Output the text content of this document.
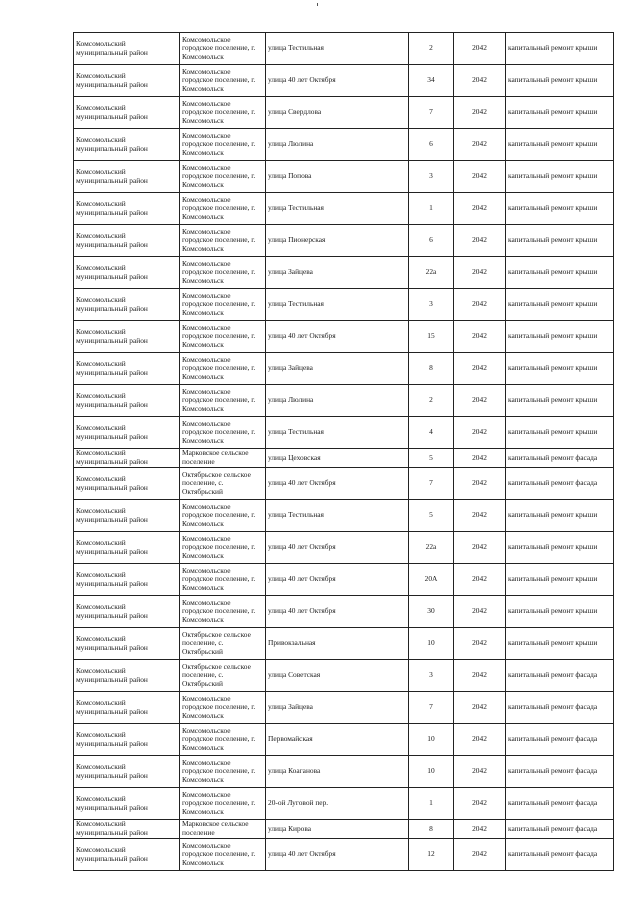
Комсомольский муниципальный район	Комсомольское городское поселение, г. Комсомольск	улица Тестильная	2	2042	капитальный ремонт крыши
Комсомольский муниципальный район	Комсомольское городское поселение, г. Комсомольск	улица 40 лет Октября	34	2042	капитальный ремонт крыши
Комсомольский муниципальный район	Комсомольское городское поселение, г. Комсомольск	улица Свердлова	7	2042	капитальный ремонт крыши
Комсомольский муниципальный район	Комсомольское городское поселение, г. Комсомольск	улица Люлина	6	2042	капитальный ремонт крыши
Комсомольский муниципальный район	Комсомольское городское поселение, г. Комсомольск	улица Попова	3	2042	капитальный ремонт крыши
Комсомольский муниципальный район	Комсомольское городское поселение, г. Комсомольск	улица Тестильная	1	2042	капитальный ремонт крыши
Комсомольский муниципальный район	Комсомольское городское поселение, г. Комсомольск	улица Пионерская	6	2042	капитальный ремонт крыши
Комсомольский муниципальный район	Комсомольское городское поселение, г. Комсомольск	улица Зайцева	22а	2042	капитальный ремонт крыши
Комсомольский муниципальный район	Комсомольское городское поселение, г. Комсомольск	улица Тестильная	3	2042	капитальный ремонт крыши
Комсомольский муниципальный район	Комсомольское городское поселение, г. Комсомольск	улица 40 лет Октября	15	2042	капитальный ремонт крыши
Комсомольский муниципальный район	Комсомольское городское поселение, г. Комсомольск	улица Зайцева	8	2042	капитальный ремонт крыши
Комсомольский муниципальный район	Комсомольское городское поселение, г. Комсомольск	улица Люлина	2	2042	капитальный ремонт крыши
Комсомольский муниципальный район	Комсомольское городское поселение, г. Комсомольск	улица Тестильная	4	2042	капитальный ремонт крыши
Комсомольский муниципальный район	Марковское сельское поселение	улица Цеховская	5	2042	капитальный ремонт фасада
Комсомольский муниципальный район	Октябрьское сельское поселение, с. Октябрьский	улица 40 лет Октября	7	2042	капитальный ремонт фасада
Комсомольский муниципальный район	Комсомольское городское поселение, г. Комсомольск	улица Тестильная	5	2042	капитальный ремонт крыши
Комсомольский муниципальный район	Комсомольское городское поселение, г. Комсомольск	улица 40 лет Октября	22а	2042	капитальный ремонт крыши
Комсомольский муниципальный район	Комсомольское городское поселение, г. Комсомольск	улица 40 лет Октября	20А	2042	капитальный ремонт крыши
Комсомольский муниципальный район	Комсомольское городское поселение, г. Комсомольск	улица 40 лет Октября	30	2042	капитальный ремонт крыши
Комсомольский муниципальный район	Октябрьское сельское поселение, с. Октябрьский	Привокзальная	10	2042	капитальный ремонт крыши
Комсомольский муниципальный район	Октябрьское сельское поселение, с. Октябрьский	улица Советская	3	2042	капитальный ремонт фасада
Комсомольский муниципальный район	Комсомольское городское поселение, г. Комсомольск	улица Зайцева	7	2042	капитальный ремонт фасада
Комсомольский муниципальный район	Комсомольское городское поселение, г. Комсомольск	Первомайская	10	2042	капитальный ремонт фасада
Комсомольский муниципальный район	Комсомольское городское поселение, г. Комсомольск	улица Коаганова	10	2042	капитальный ремонт фасада
Комсомольский муниципальный район	Комсомольское городское поселение, г. Комсомольск	20-ой Луговой пер.	1	2042	капитальный ремонт фасада
Комсомольский муниципальный район	Марковское сельское поселение	улица Кирова	8	2042	капитальный ремонт фасада
Комсомольский муниципальный район	Комсомольское городское поселение, г. Комсомольск	улица 40 лет Октября	12	2042	капитальный ремонт фасада
